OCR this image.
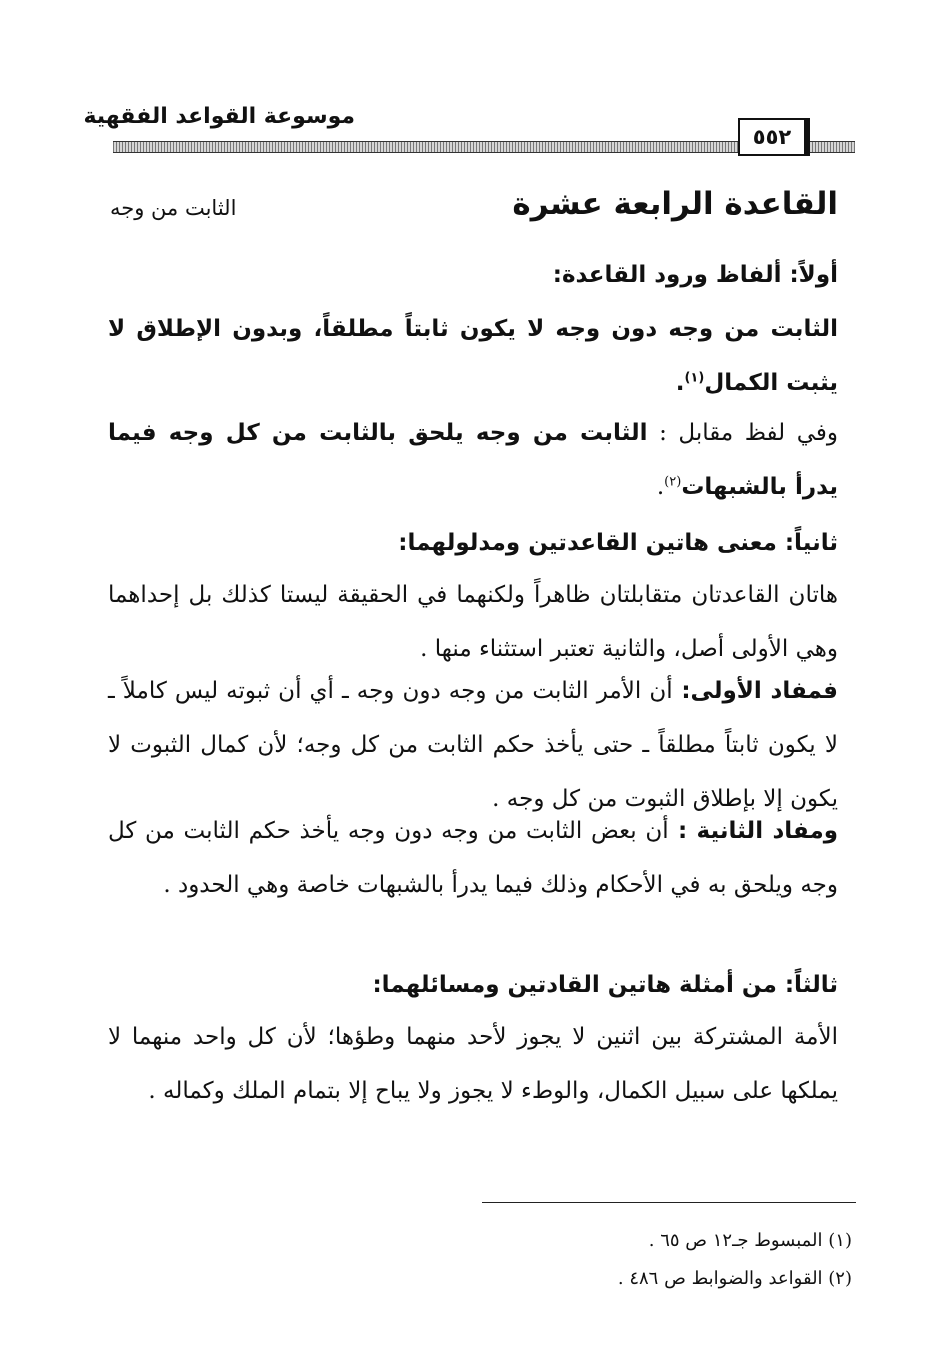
موسوعة القواعد الفقهية
٥٥٢
القاعدة الرابعة عشرة
الثابت من وجه
أولاً: ألفاظ ورود القاعدة:
الثابت من وجه دون وجه لا يكون ثابتاً مطلقاً، وبدون الإطلاق لا يثبت الكمال$^{(١)}$.
وفي لفظ مقابل : الثابت من وجه يلحق بالثابت من كل وجه فيما يدرأ بالشبهات$^{(٢)}$.
ثانياً: معنى هاتين القاعدتين ومدلولهما:
هاتان القاعدتان متقابلتان ظاهراً ولكنهما في الحقيقة ليستا كذلك بل إحداهما وهي الأولى أصل، والثانية تعتبر استثناء منها .
فمفاد الأولى: أن الأمر الثابت من وجه دون وجه ـ أي أن ثبوته ليس كاملاً ـ لا يكون ثابتاً مطلقاً ـ حتى يأخذ حكم الثابت من كل وجه؛ لأن كمال الثبوت لا يكون إلا بإطلاق الثبوت من كل وجه .
ومفاد الثانية : أن بعض الثابت من وجه دون وجه يأخذ حكم الثابت من كل وجه ويلحق به في الأحكام وذلك فيما يدرأ بالشبهات خاصة وهي الحدود .
ثالثاً: من أمثلة هاتين القادتين ومسائلهما:
الأمة المشتركة بين اثنين لا يجوز لأحد منهما وطؤها؛ لأن كل واحد منهما لا يملكها على سبيل الكمال، والوطء لا يجوز ولا يباح إلا بتمام الملك وكماله .
(١) المبسوط جـ١٢ ص ٦٥ .
(٢) القواعد والضوابط ص ٤٨٦ .
